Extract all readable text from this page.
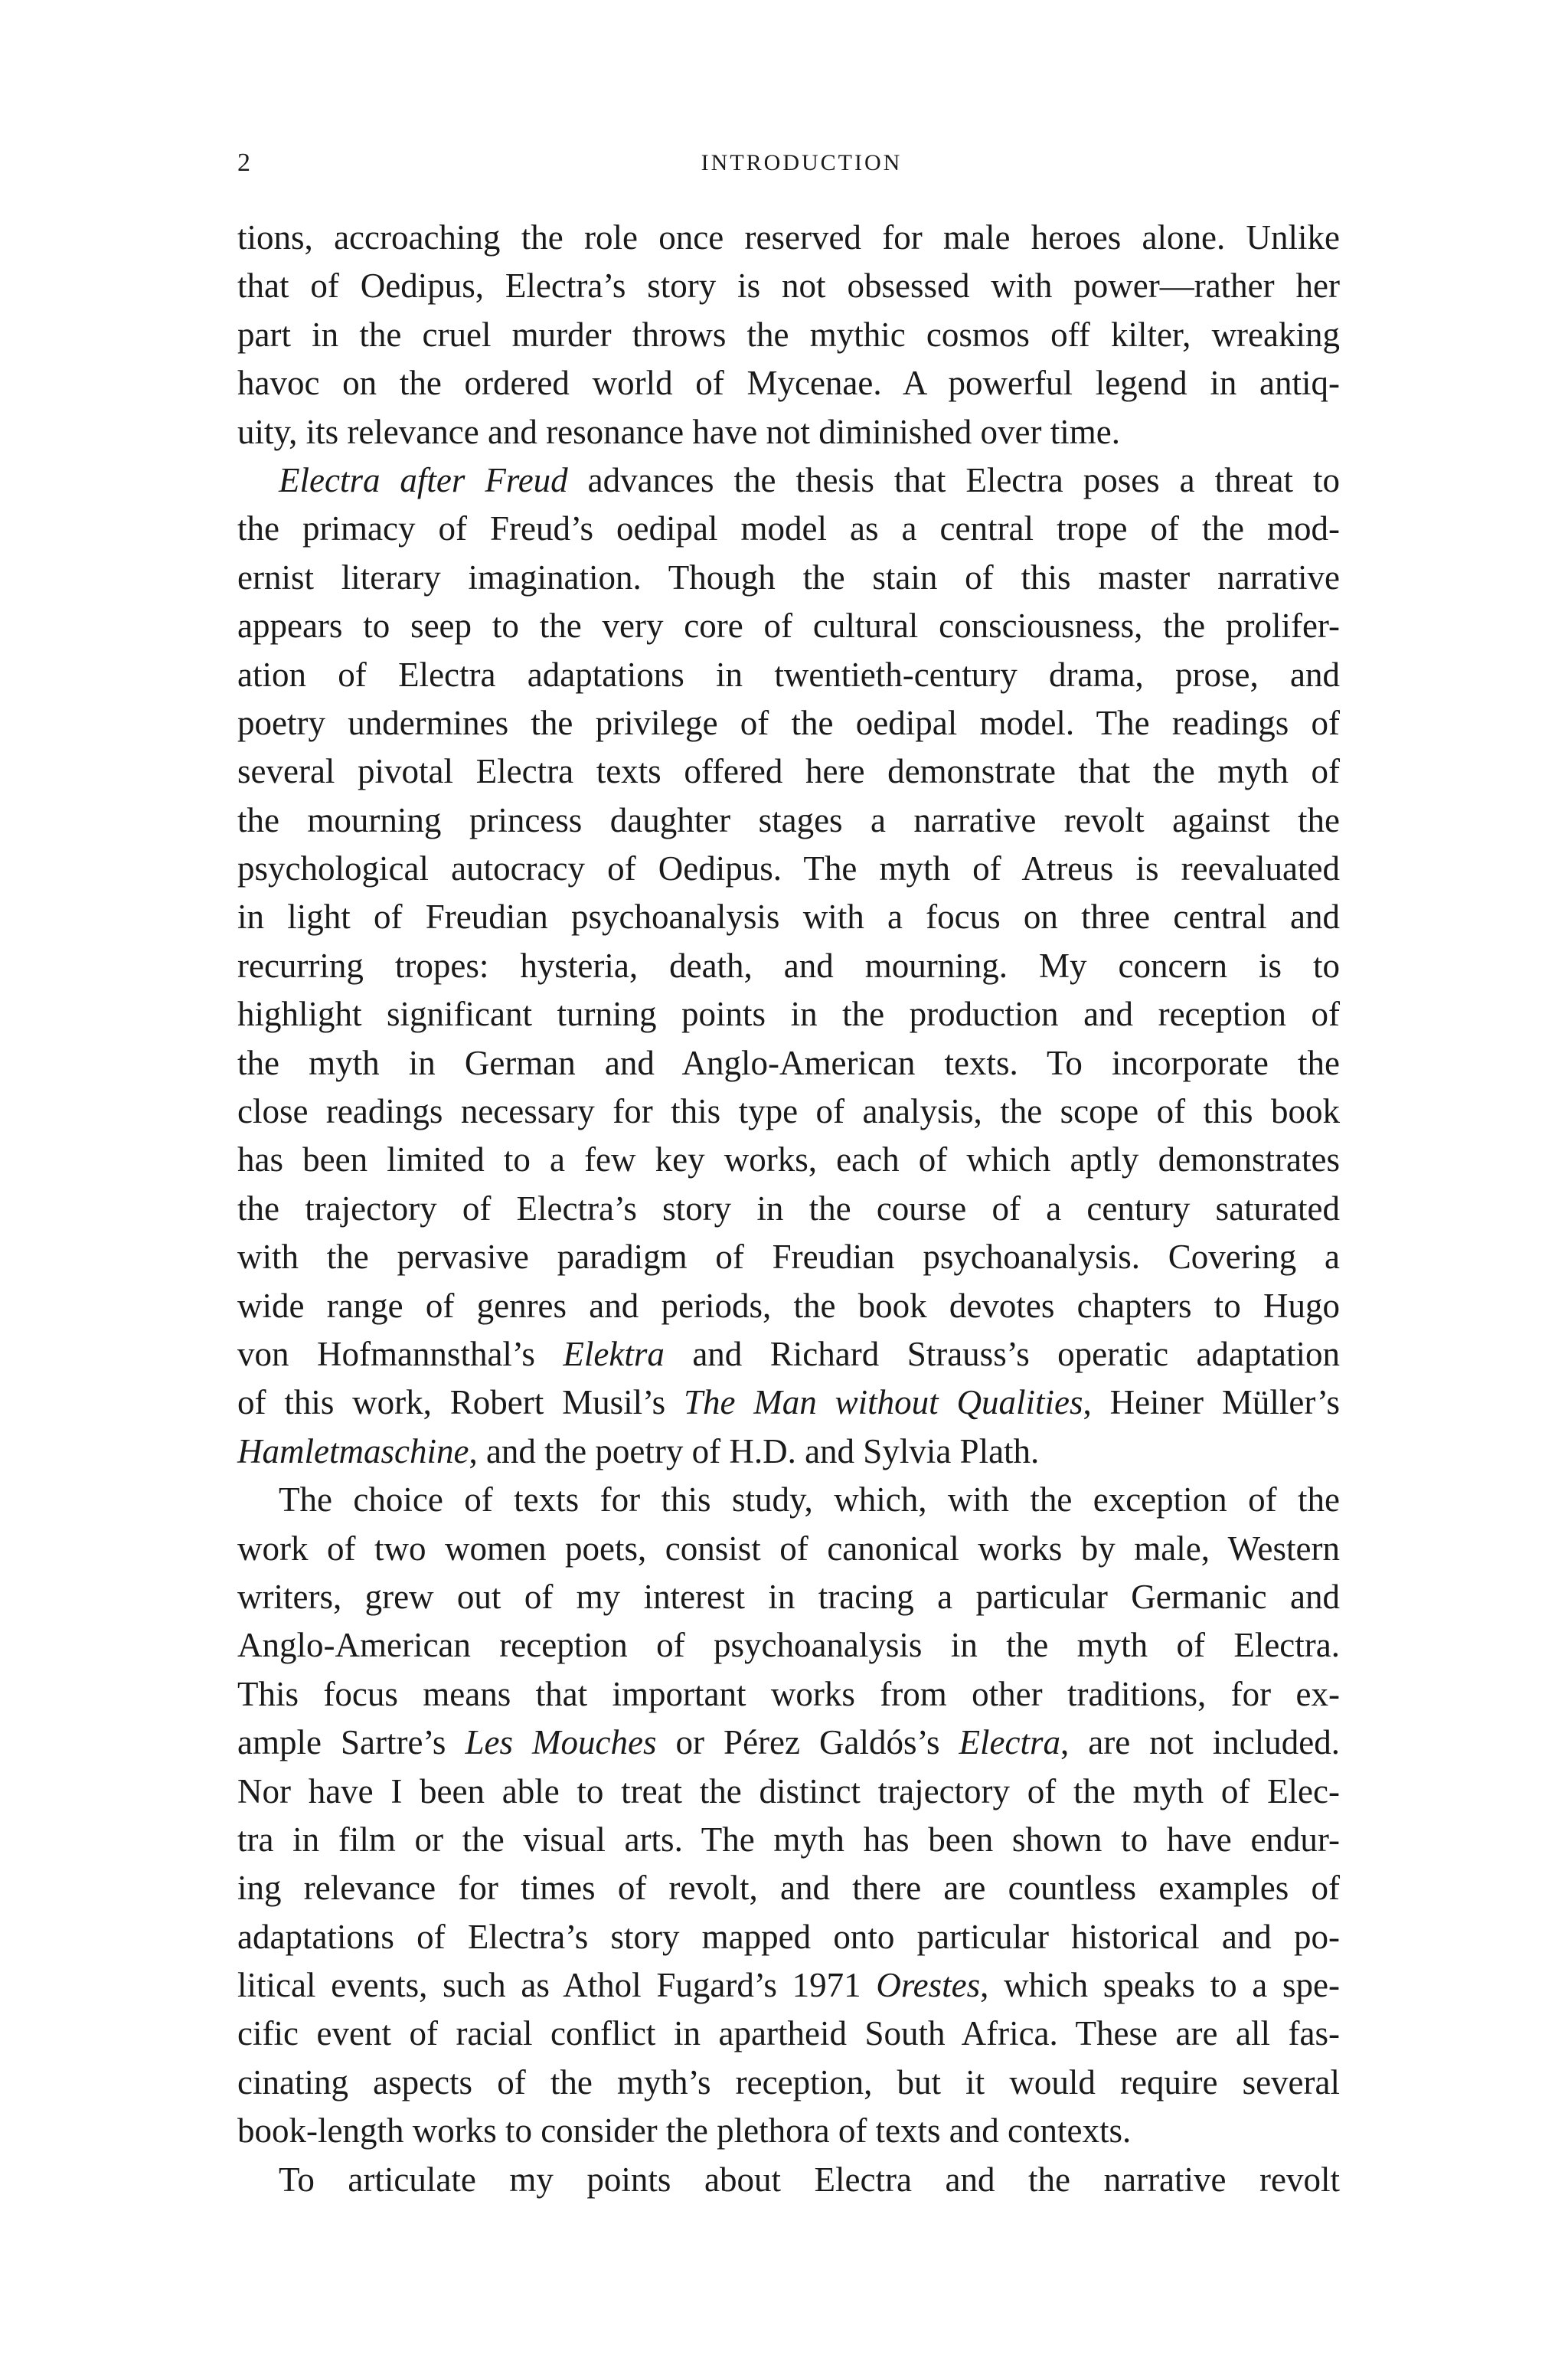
2	INTRODUCTION
tions, accroaching the role once reserved for male heroes alone. Unlike
that of Oedipus, Electra’s story is not obsessed with power—rather her
part in the cruel murder throws the mythic cosmos off kilter, wreaking
havoc on the ordered world of Mycenae. A powerful legend in antiq-
uity, its relevance and resonance have not diminished over time.
Electra after Freud advances the thesis that Electra poses a threat to
the primacy of Freud’s oedipal model as a central trope of the mod-
ernist literary imagination. Though the stain of this master narrative
appears to seep to the very core of cultural consciousness, the prolifer-
ation of Electra adaptations in twentieth-century drama, prose, and
poetry undermines the privilege of the oedipal model. The readings of
several pivotal Electra texts offered here demonstrate that the myth of
the mourning princess daughter stages a narrative revolt against the
psychological autocracy of Oedipus. The myth of Atreus is reevaluated
in light of Freudian psychoanalysis with a focus on three central and
recurring tropes: hysteria, death, and mourning. My concern is to
highlight significant turning points in the production and reception of
the myth in German and Anglo-American texts. To incorporate the
close readings necessary for this type of analysis, the scope of this book
has been limited to a few key works, each of which aptly demonstrates
the trajectory of Electra’s story in the course of a century saturated
with the pervasive paradigm of Freudian psychoanalysis. Covering a
wide range of genres and periods, the book devotes chapters to Hugo
von Hofmannsthal’s Elektra and Richard Strauss’s operatic adaptation
of this work, Robert Musil’s The Man without Qualities, Heiner Müller’s
Hamletmaschine, and the poetry of H.D. and Sylvia Plath.
The choice of texts for this study, which, with the exception of the
work of two women poets, consist of canonical works by male, Western
writers, grew out of my interest in tracing a particular Germanic and
Anglo-American reception of psychoanalysis in the myth of Electra.
This focus means that important works from other traditions, for ex-
ample Sartre’s Les Mouches or Pérez Galdós’s Electra, are not included.
Nor have I been able to treat the distinct trajectory of the myth of Elec-
tra in film or the visual arts. The myth has been shown to have endur-
ing relevance for times of revolt, and there are countless examples of
adaptations of Electra’s story mapped onto particular historical and po-
litical events, such as Athol Fugard’s 1971 Orestes, which speaks to a spe-
cific event of racial conflict in apartheid South Africa. These are all fas-
cinating aspects of the myth’s reception, but it would require several
book-length works to consider the plethora of texts and contexts.
To articulate my points about Electra and the narrative revolt
